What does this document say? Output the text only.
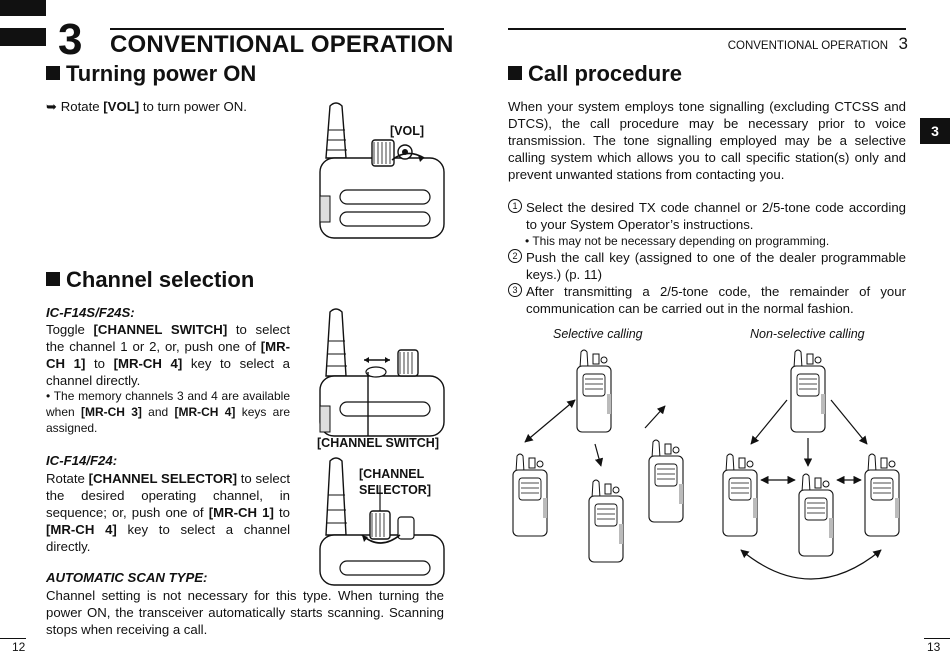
3 CONVENTIONAL OPERATION
Turning power ON
➥ Rotate [VOL] to turn power ON.
[VOL]
Channel selection
IC-F14S/F24S:
Toggle [CHANNEL SWITCH] to select the channel 1 or 2, or, push one of [MR-CH 1] to [MR-CH 4] key to select a channel directly.
• The memory channels 3 and 4 are available when [MR-CH 3] and [MR-CH 4] keys are assigned.
[CHANNEL SWITCH]
IC-F14/F24:
Rotate [CHANNEL SELECTOR] to select the desired operating channel, in sequence; or, push one of [MR-CH 1] to [MR-CH 4] key to select a channel directly.
[CHANNEL
SELECTOR]
AUTOMATIC SCAN TYPE:
Channel setting is not necessary for this type. When turning the power ON, the transceiver automatically starts scanning. Scanning stops when receiving a call.
12
CONVENTIONAL OPERATION 3
3
Call procedure
When your system employs tone signalling (excluding CTCSS and DTCS), the call procedure may be necessary prior to voice transmission. The tone signalling employed may be a selective calling system which allows you to call specific station(s) only and prevent unwanted stations from contacting you.
1 Select the desired TX code channel or 2/5-tone code according to your System Operator’s instructions.
• This may not be necessary depending on programming.
2 Push the call key (assigned to one of the dealer programmable keys.) (p. 11)
3 After transmitting a 2/5-tone code, the remainder of your communication can be carried out in the normal fashion.
Selective calling	Non-selective calling
13
